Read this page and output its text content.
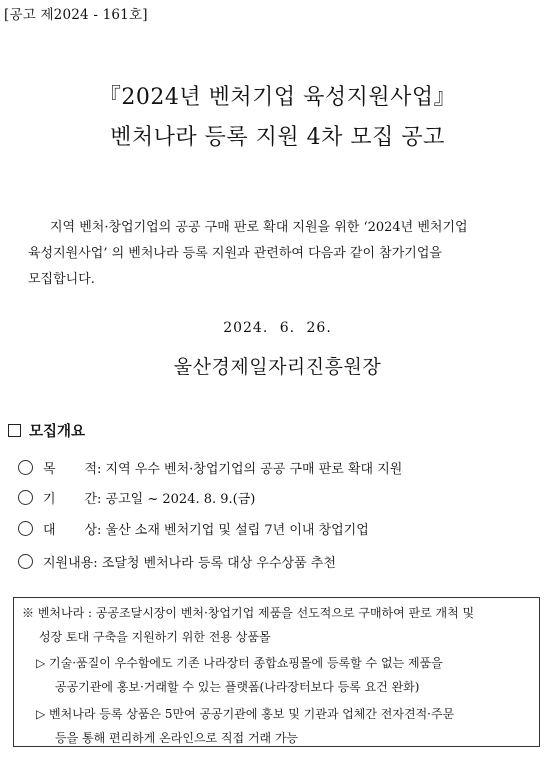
[공고 제2024 - 161호]
『2024년 벤처기업 육성지원사업』
벤처나라 등록 지원 4차 모집 공고
지역 벤처·창업기업의 공공 구매 판로 확대 지원을 위한 ‘2024년 벤처기업
육성지원사업’ 의 벤처나라 등록 지원과 관련하여 다음과 같이 참가기업을
모집합니다.
2024. 6. 26.
울산경제일자리진흥원장
모집개요
목       적 : 지역 우수 벤처·창업기업의 공공 구매 판로 확대 지원
기       간 : 공고일 ~ 2024. 8. 9.(금)
대       상 : 울산 소재 벤처기업 및 설립 7년 이내 창업기업
지원내용 : 조달청 벤처나라 등록 대상 우수상품 추천
※ 벤처나라 : 공공조달시장이 벤처·창업기업 제품을 선도적으로 구매하여 판로 개척 및
성장 토대 구축을 지원하기 위한 전용 상품몰
▷ 기술·품질이 우수함에도 기존 나라장터 종합쇼핑몰에 등록할 수 없는 제품을
공공기관에 홍보·거래할 수 있는 플랫폼(나라장터보다 등록 요건 완화)
▷ 벤처나라 등록 상품은 5만여 공공기관에 홍보 및 기관과 업체간 전자견적·주문
등을 통해 편리하게 온라인으로 직접 거래 가능
